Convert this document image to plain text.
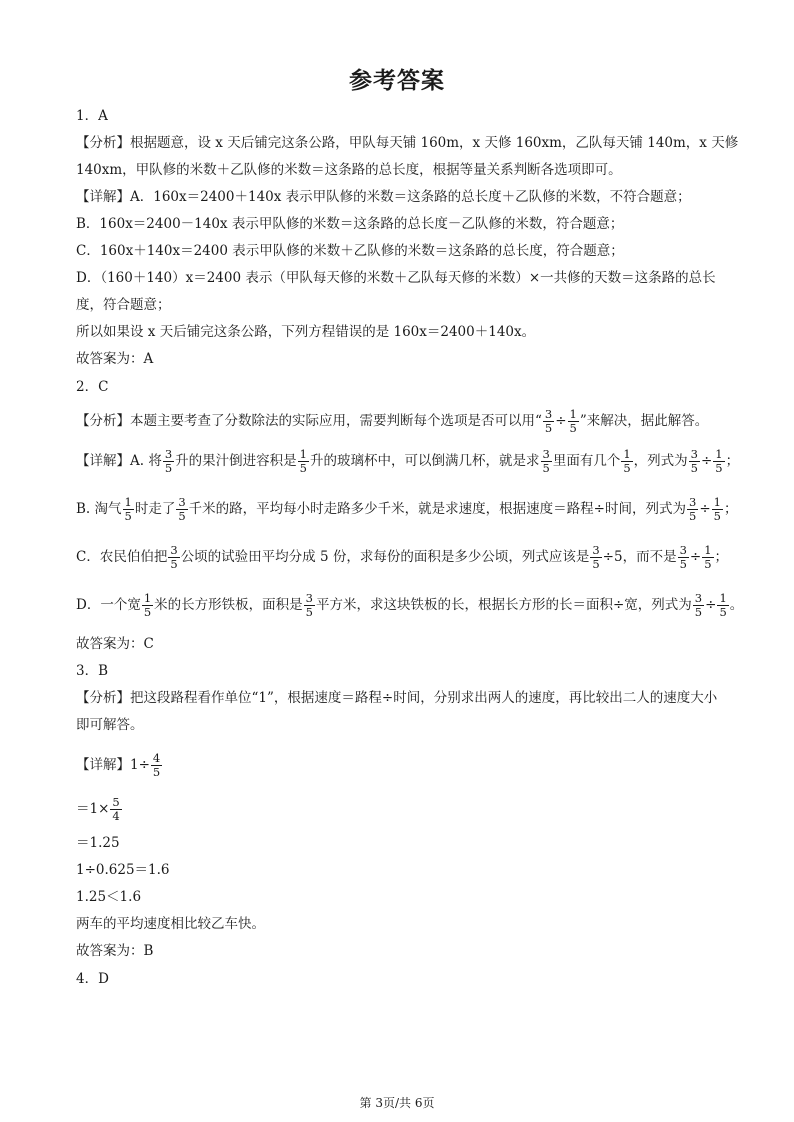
参考答案
1．A
【分析】根据题意，设 x 天后铺完这条公路，甲队每天铺 160m，x 天修 160xm，乙队每天铺 140m，x 天修
140xm，甲队修的米数＋乙队修的米数＝这条路的总长度，根据等量关系判断各选项即可。
【详解】A．160x＝2400＋140x 表示甲队修的米数＝这条路的总长度＋乙队修的米数，不符合题意；
B．160x＝2400－140x 表示甲队修的米数＝这条路的总长度－乙队修的米数，符合题意；
C．160x＋140x＝2400 表示甲队修的米数＋乙队修的米数＝这条路的总长度，符合题意；
D．（160＋140）x＝2400 表示（甲队每天修的米数＋乙队每天修的米数）×一共修的天数＝这条路的总长
度，符合题意；
所以如果设 x 天后铺完这条公路，下列方程错误的是 160x＝2400＋140x。
故答案为：A
2．C
【分析】本题主要考查了分数除法的实际应用，需要判断每个选项是否可以用“ $\frac{3}{5} \div \frac{1}{5}$ ”来解决，据此解答。
【详解】A. 将 $\frac{3}{5}$ 升的果汁倒进容积是 $\frac{1}{5}$ 升的玻璃杯中，可以倒满几杯，就是求 $\frac{3}{5}$ 里面有几个 $\frac{1}{5}$ ，列式为 $\frac{3}{5} \div \frac{1}{5}$ ；
B. 淘气 $\frac{1}{5}$ 时走了 $\frac{3}{5}$ 千米的路，平均每小时走路多少千米，就是求速度，根据速度＝路程÷时间，列式为 $\frac{3}{5} \div \frac{1}{5}$ ；
C．农民伯伯把 $\frac{3}{5}$ 公顷的试验田平均分成 5 份，求每份的面积是多少公顷，列式应该是 $\frac{3}{5} \div 5$，而不是 $\frac{3}{5} \div \frac{1}{5}$ ；
D．一个宽 $\frac{1}{5}$ 米的长方形铁板，面积是 $\frac{3}{5}$ 平方米，求这块铁板的长，根据长方形的长＝面积÷宽，列式为 $\frac{3}{5} \div \frac{1}{5}$ 。
故答案为：C
3．B
【分析】把这段路程看作单位“1”，根据速度＝路程÷时间，分别求出两人的速度，再比较出二人的速度大小
即可解答。
【详解】$1\div \frac{4}{5}$
$=1\times \frac{5}{4}$
＝1.25
1÷0.625＝1.6
1.25＜1.6
两车的平均速度相比较乙车快。
故答案为：B
4．D
第 3页/共 6页
